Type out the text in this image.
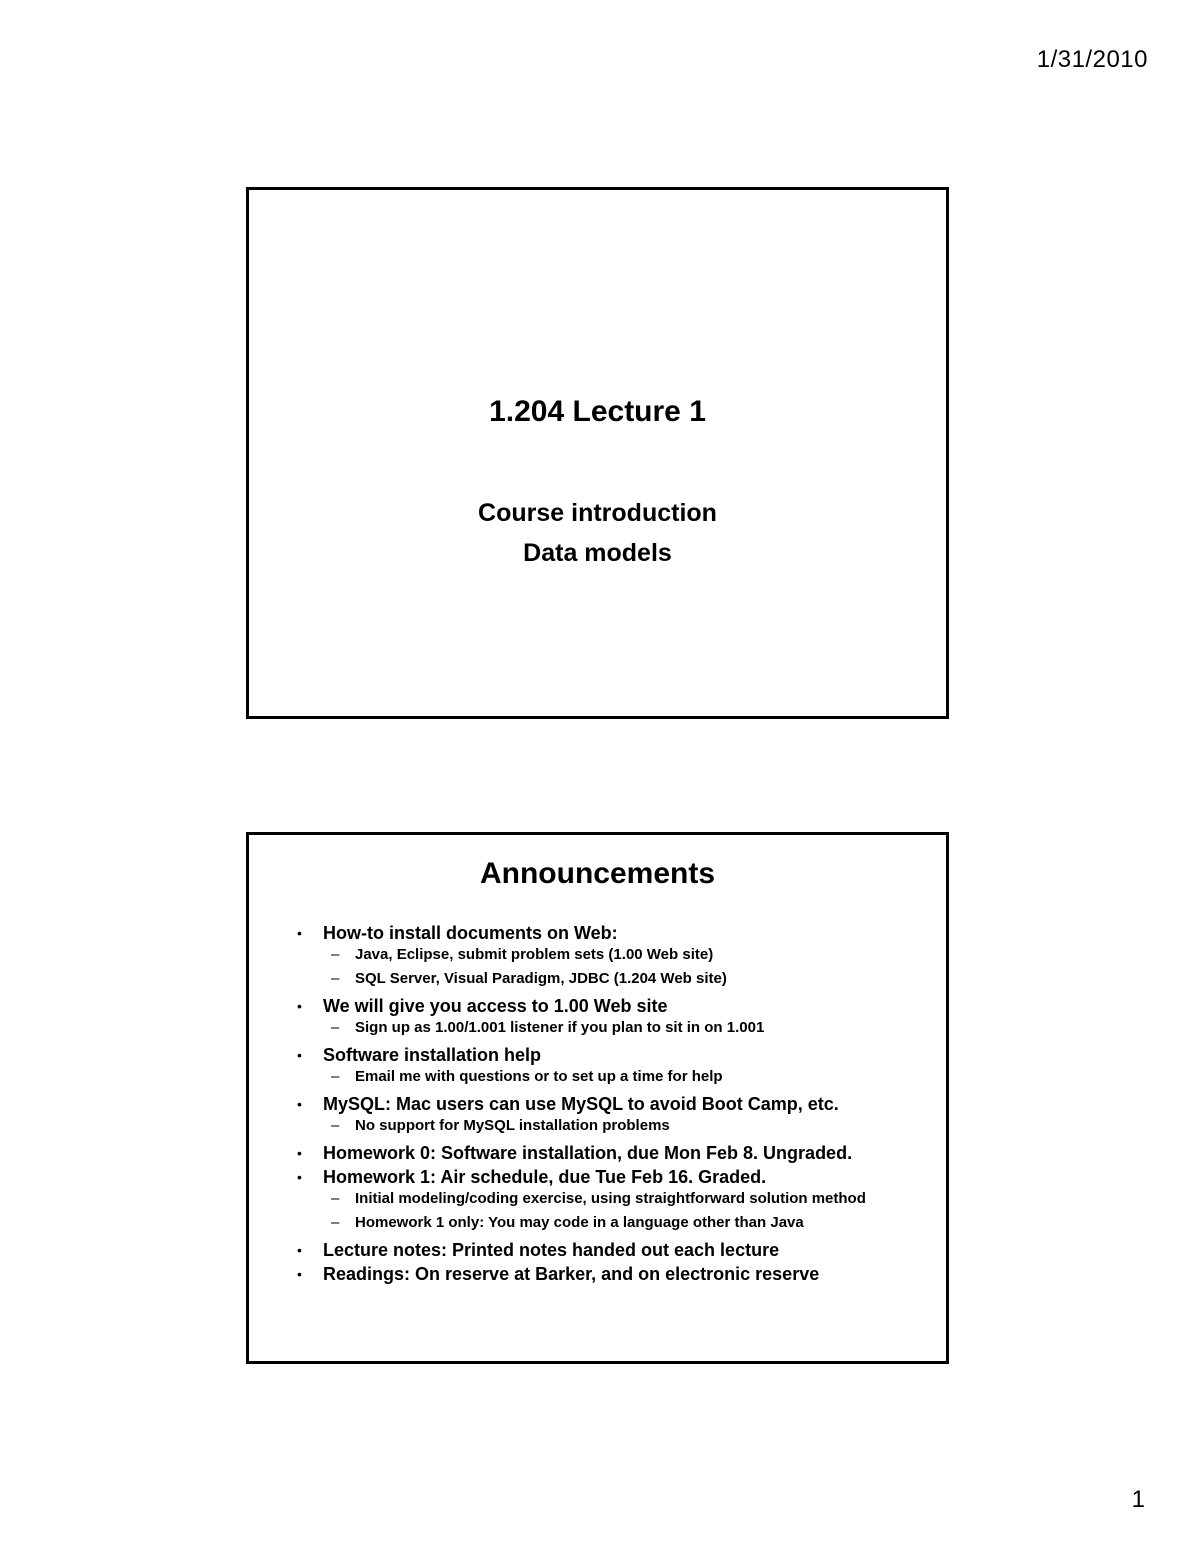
1/31/2010
1.204 Lecture 1
Course introduction
Data models
Announcements
• How-to install documents on Web:
– Java, Eclipse, submit problem sets (1.00 Web site)
– SQL Server, Visual Paradigm, JDBC (1.204 Web site)
• We will give you access to 1.00 Web site
– Sign up as 1.00/1.001 listener if you plan to sit in on 1.001
• Software installation help
– Email me with questions or to set up a time for help
• MySQL: Mac users can use MySQL to avoid Boot Camp, etc.
– No support for MySQL installation problems
• Homework 0: Software installation, due Mon Feb 8. Ungraded.
• Homework 1: Air schedule, due Tue Feb 16. Graded.
– Initial modeling/coding exercise, using straightforward solution method
– Homework 1 only: You may code in a language other than Java
• Lecture notes: Printed notes handed out each lecture
• Readings: On reserve at Barker, and on electronic reserve
1
